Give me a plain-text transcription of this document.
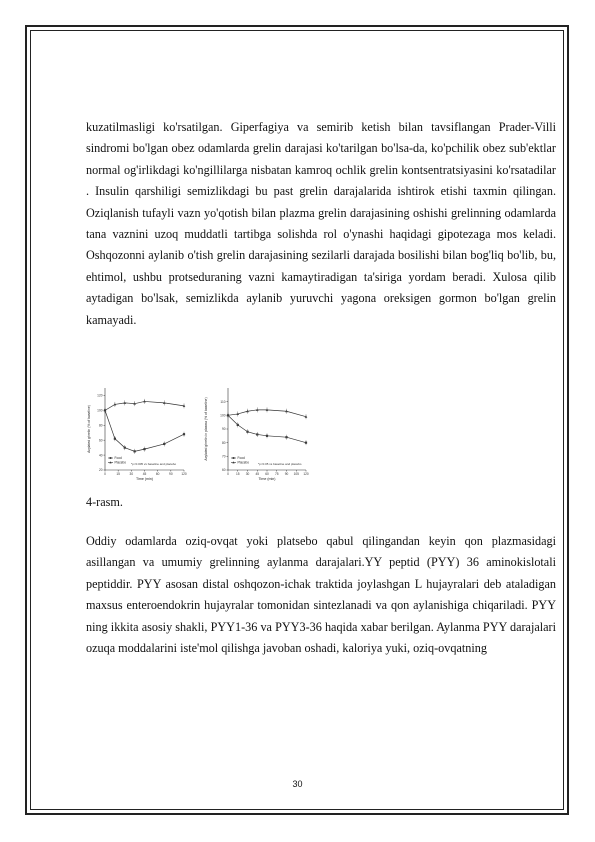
kuzatilmasligi ko'rsatilgan. Giperfagiya va semirib ketish bilan tavsiflangan Prader-Villi sindromi bo'lgan obez odamlarda grelin darajasi ko'tarilgan bo'lsa-da, ko'pchilik obez sub'ektlar normal og'irlikdagi ko'ngillilarga nisbatan kamroq ochlik grelin kontsentratsiyasini ko'rsatadilar . Insulin qarshiligi semizlikdagi bu past grelin darajalarida ishtirok etishi taxmin qilingan. Oziqlanish tufayli vazn yo'qotish bilan plazma grelin darajasining oshishi grelinning odamlarda tana vaznini uzoq muddatli tartibga solishda rol o'ynashi haqidagi gipotezaga mos keladi. Oshqozonni aylanib o'tish grelin darajasining sezilarli darajada bosilishi bilan bog'liq bo'lib, bu, ehtimol, ushbu protseduraning vazni kamaytiradigan ta'siriga yordam beradi. Xulosa qilib aytadigan bo'lsak, semizlikda aylanib yuruvchi yagona oreksigen gormon bo'lgan grelin kamayadi.

20
40
60
80
100
120
0	15	30	45	60	90	120
Time (min)
Acylated ghrelin (% of baseline)
Food
Placebo *p<0.005 vs baseline and placebo
60
70
80
90
100
110
0 15 30 45 60 75 90 105 120
Time (min)
Acylated ghrelin in plasma (% of baseline)	Food
Placebo	*p<0.05 vs baseline and placebo

4-rasm.

Oddiy odamlarda oziq-ovqat yoki platsebo qabul qilingandan keyin qon plazmasidagi asillangan va umumiy grelinning aylanma darajalari.YY peptid (PYY) 36 aminokislotali peptiddir. PYY asosan distal oshqozon-ichak traktida joylashgan L hujayralari deb ataladigan maxsus enteroendokrin hujayralar tomonidan sintezlanadi va qon aylanishiga chiqariladi. PYY ning ikkita asosiy shakli, PYY1-36 va PYY3-36 haqida xabar berilgan. Aylanma PYY darajalari ozuqa moddalarini iste'mol qilishga javoban oshadi, kaloriya yuki, oziq-ovqatning

30
